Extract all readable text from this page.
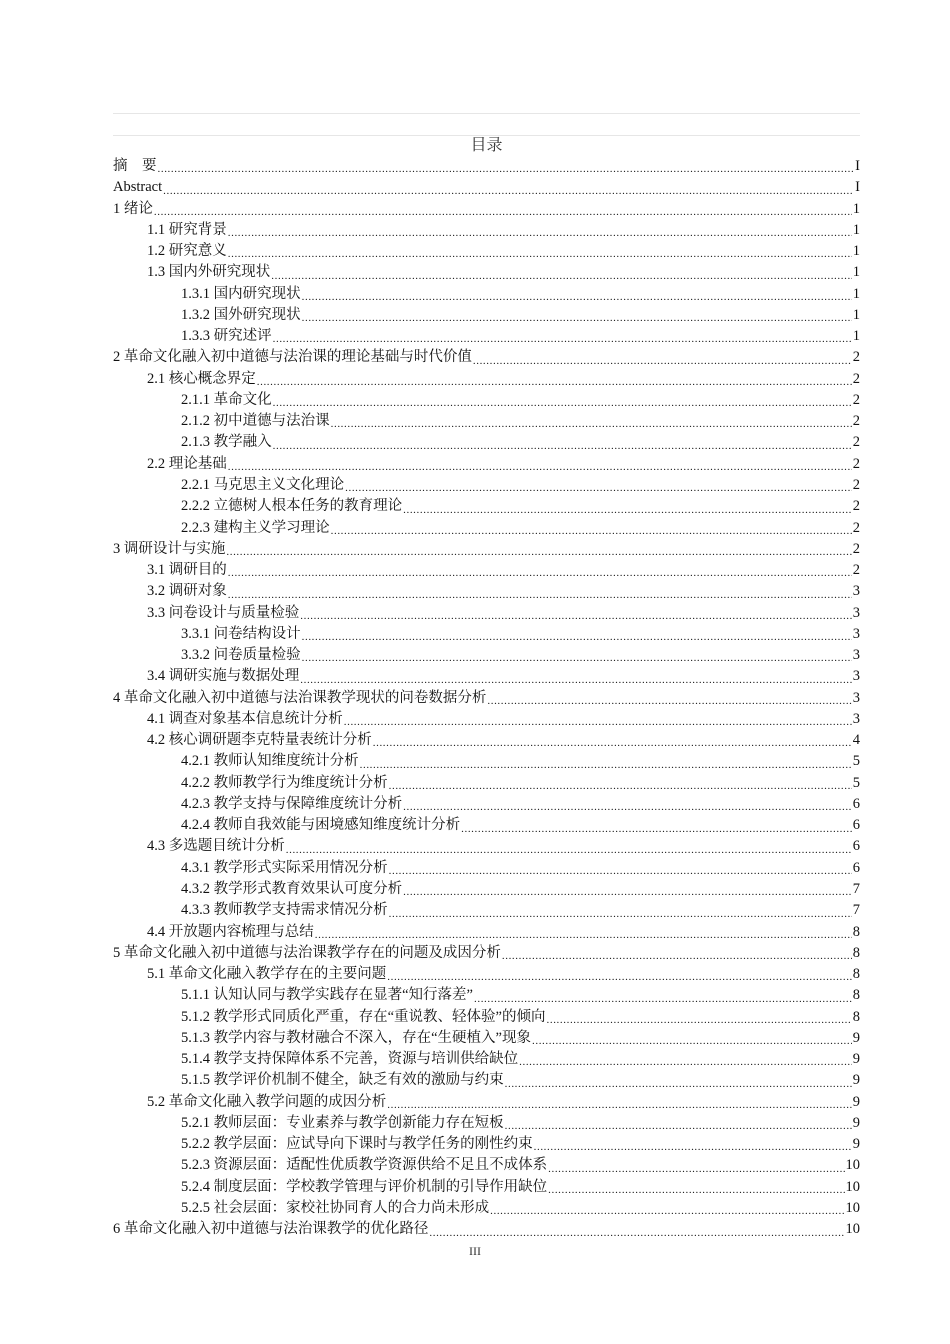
目录
摘　要 .....	I
Abstract .....	I
1 绪论 .....	1
1.1 研究背景 .....	1
1.2 研究意义 .....	1
1.3 国内外研究现状 .....	1
1.3.1 国内研究现状 .....	1
1.3.2 国外研究现状 .....	1
1.3.3 研究述评 .....	1
2 革命文化融入初中道德与法治课的理论基础与时代价值 .....	2
2.1 核心概念界定 .....	2
2.1.1 革命文化 .....	2
2.1.2 初中道德与法治课 .....	2
2.1.3 教学融入 .....	2
2.2 理论基础 .....	2
2.2.1 马克思主义文化理论 .....	2
2.2.2 立德树人根本任务的教育理论 .....	2
2.2.3 建构主义学习理论 .....	2
3 调研设计与实施 .....	2
3.1 调研目的 .....	2
3.2 调研对象 .....	3
3.3 问卷设计与质量检验 .....	3
3.3.1 问卷结构设计 .....	3
3.3.2 问卷质量检验 .....	3
3.4 调研实施与数据处理 .....	3
4 革命文化融入初中道德与法治课教学现状的问卷数据分析 .....	3
4.1 调查对象基本信息统计分析 .....	3
4.2 核心调研题李克特量表统计分析 .....	4
4.2.1 教师认知维度统计分析 .....	5
4.2.2 教师教学行为维度统计分析 .....	5
4.2.3 教学支持与保障维度统计分析 .....	6
4.2.4 教师自我效能与困境感知维度统计分析 .....	6
4.3 多选题目统计分析 .....	6
4.3.1 教学形式实际采用情况分析 .....	6
4.3.2 教学形式教育效果认可度分析 .....	7
4.3.3 教师教学支持需求情况分析 .....	7
4.4 开放题内容梳理与总结 .....	8
5 革命文化融入初中道德与法治课教学存在的问题及成因分析 .....	8
5.1 革命文化融入教学存在的主要问题 .....	8
5.1.1 认知认同与教学实践存在显著“知行落差” .....	8
5.1.2 教学形式同质化严重，存在“重说教、轻体验”的倾向 .....	8
5.1.3 教学内容与教材融合不深入，存在“生硬植入”现象 .....	9
5.1.4 教学支持保障体系不完善，资源与培训供给缺位 .....	9
5.1.5 教学评价机制不健全，缺乏有效的激励与约束 .....	9
5.2 革命文化融入教学问题的成因分析 .....	9
5.2.1 教师层面：专业素养与教学创新能力存在短板 .....	9
5.2.2 教学层面：应试导向下课时与教学任务的刚性约束 .....	9
5.2.3 资源层面：适配性优质教学资源供给不足且不成体系 .....	10
5.2.4 制度层面：学校教学管理与评价机制的引导作用缺位 .....	10
5.2.5 社会层面：家校社协同育人的合力尚未形成 .....	10
6 革命文化融入初中道德与法治课教学的优化路径 .....	10
III
